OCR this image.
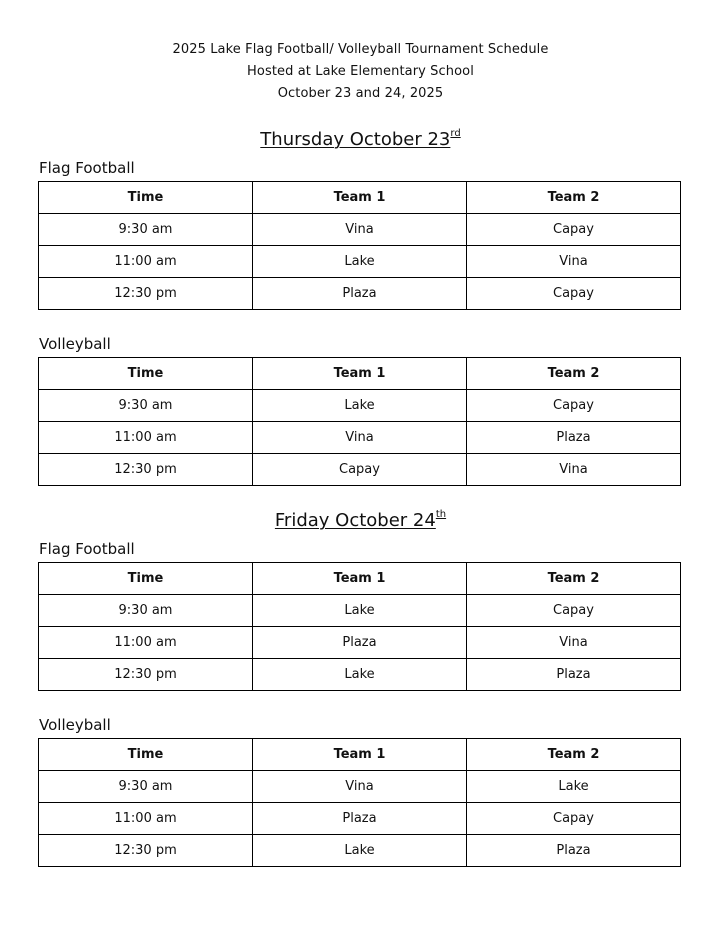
2025 Lake Flag Football/ Volleyball Tournament Schedule
Hosted at Lake Elementary School
October 23 and 24, 2025
Thursday October 23rd
Flag Football
Time	Team 1	Team 2
9:30 am	Vina	Capay
11:00 am	Lake	Vina
12:30 pm	Plaza	Capay
Volleyball
Time	Team 1	Team 2
9:30 am	Lake	Capay
11:00 am	Vina	Plaza
12:30 pm	Capay	Vina
Friday October 24th
Flag Football
Time	Team 1	Team 2
9:30 am	Lake	Capay
11:00 am	Plaza	Vina
12:30 pm	Lake	Plaza
Volleyball
Time	Team 1	Team 2
9:30 am	Vina	Lake
11:00 am	Plaza	Capay
12:30 pm	Lake	Plaza
